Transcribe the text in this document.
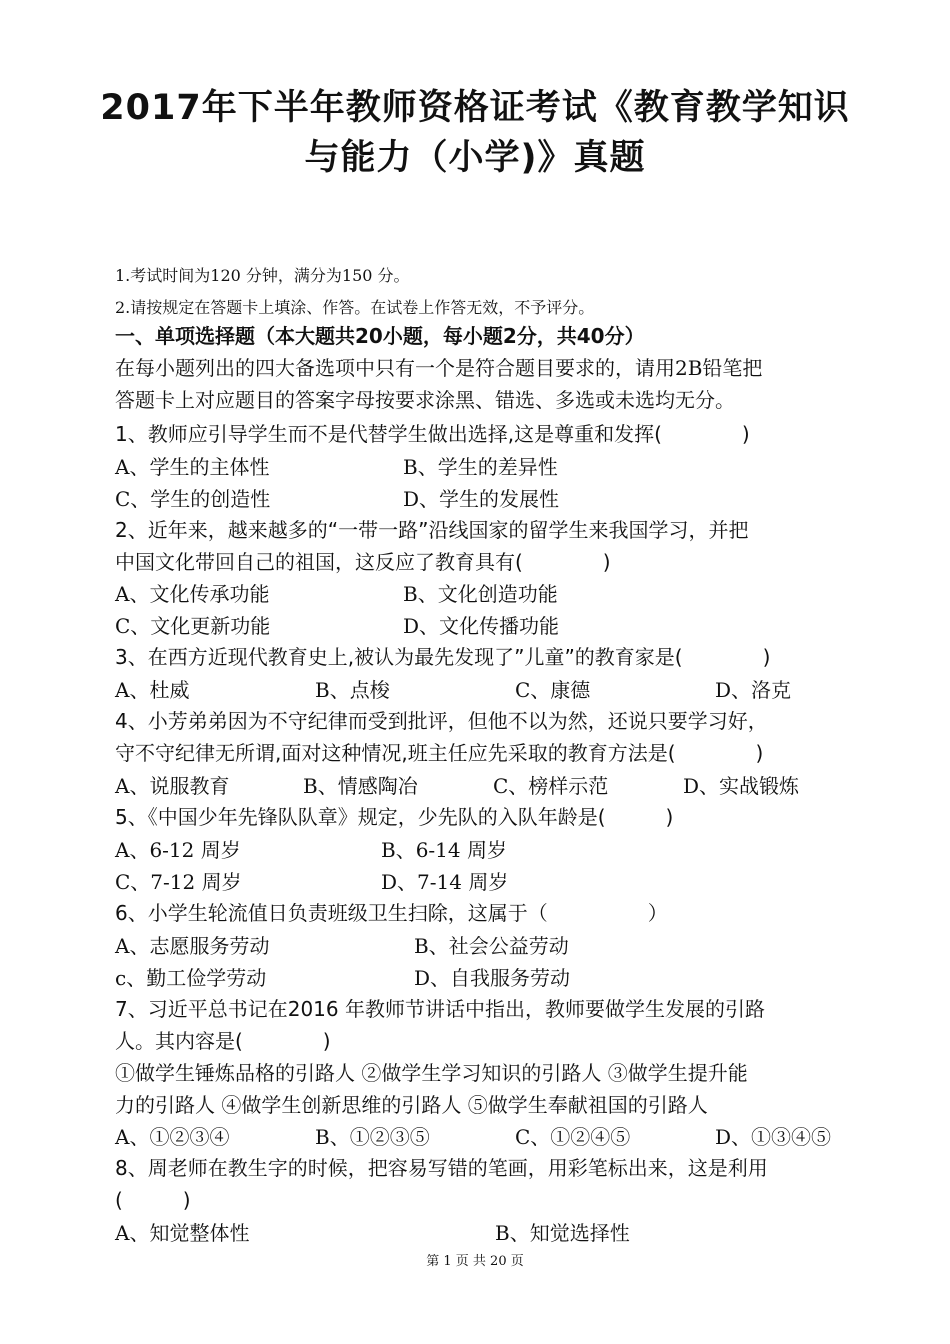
2017年下半年教师资格证考试《教育教学知识
与能力（小学)》真题
1.考试时间为120 分钟，满分为150 分。
2.请按规定在答题卡上填涂、作答。在试卷上作答无效，不予评分。
一、单项选择题（本大题共20小题，每小题2分，共40分）
在每小题列出的四大备选项中只有一个是符合题目要求的，请用2B铅笔把
答题卡上对应题目的答案字母按要求涂黑、错选、多选或未选均无分。
1、教师应引导学生而不是代替学生做出选择,这是尊重和发挥(　　　　)
A、学生的主体性	B、学生的差异性
C、学生的创造性	D、学生的发展性
2、近年来，越来越多的“一带一路”沿线国家的留学生来我国学习，并把
中国文化带回自己的祖国，这反应了教育具有(　　　　)
A、文化传承功能	B、文化创造功能
C、文化更新功能	D、文化传播功能
3、在西方近现代教育史上,被认为最先发现了”儿童”的教育家是(　　　　)
A、杜威	B、点梭	C、康德	D、洛克
4、小芳弟弟因为不守纪律而受到批评，但他不以为然，还说只要学习好，
守不守纪律无所谓,面对这种情况,班主任应先采取的教育方法是(　　　　)
A、说服教育	B、情感陶冶	C、榜样示范	D、实战锻炼
5、《中国少年先锋队队章》规定，少先队的入队年龄是(　　　)
A、6-12 周岁	B、6-14 周岁
C、7-12 周岁	D、7-14 周岁
6、小学生轮流值日负责班级卫生扫除，这属于（　　　　　）
A、志愿服务劳动	B、社会公益劳动
c、勤工俭学劳动	D、自我服务劳动
7、习近平总书记在2016 年教师节讲话中指出，教师要做学生发展的引路
人。其内容是(　　　　)
①做学生锤炼品格的引路人 ②做学生学习知识的引路人 ③做学生提升能
力的引路人 ④做学生创新思维的引路人 ⑤做学生奉献祖国的引路人
A、①②③④	B、①②③⑤	C、①②④⑤	D、①③④⑤
8、周老师在教生字的时候，把容易写错的笔画，用彩笔标出来，这是利用
(　　　)
A、知觉整体性	B、知觉选择性
第 1 页 共 20 页
